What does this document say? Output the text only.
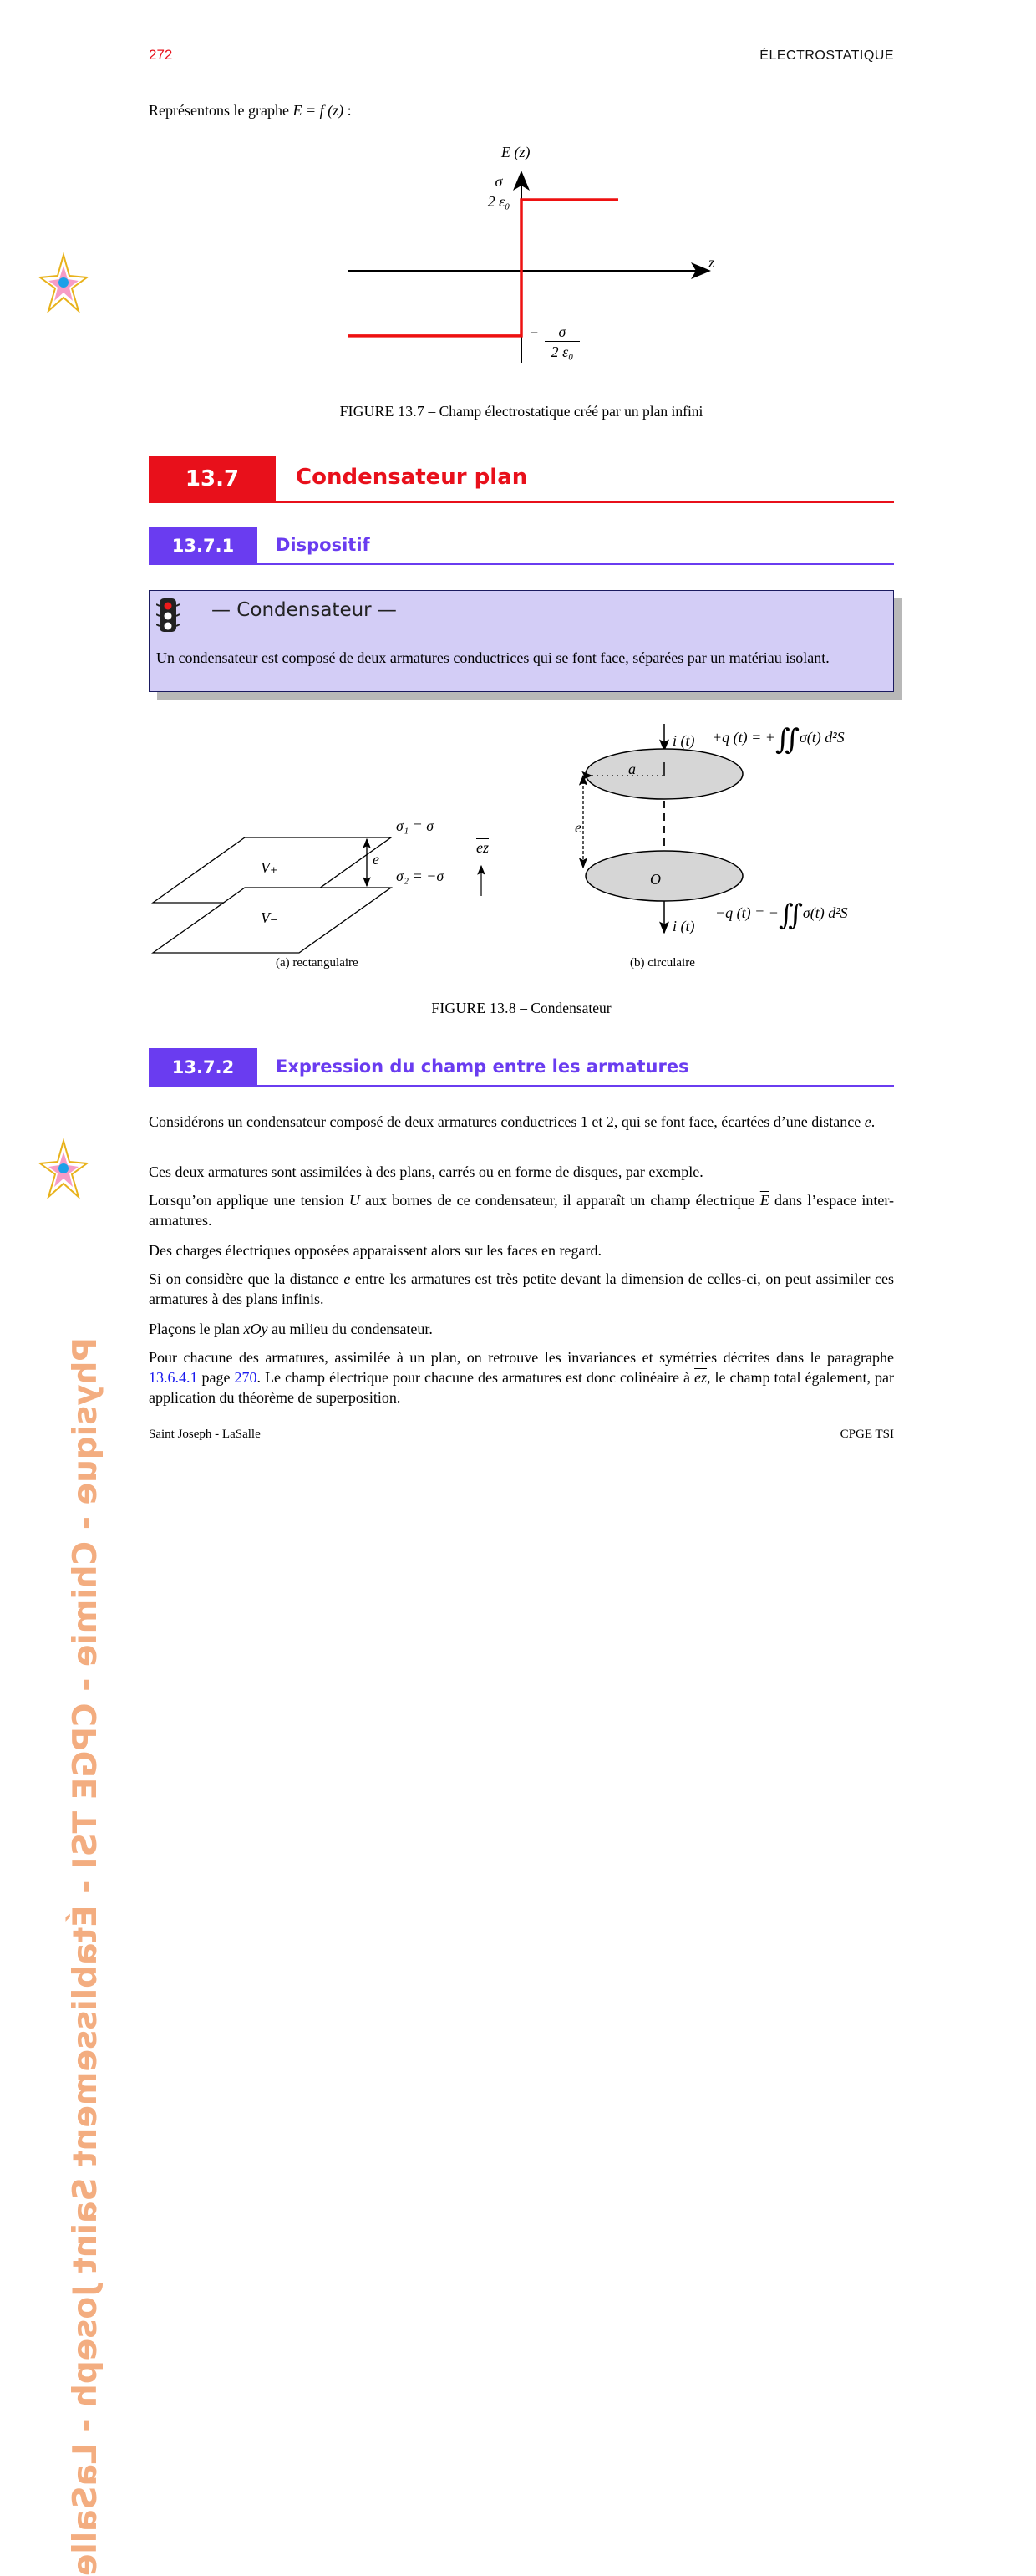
Physique - Chimie - CPGE TSI - Établissement Saint Joseph - LaSalle
272	ÉLECTROSTATIQUE
Représentons le graphe E = f (z) :
E (z)
z
$\frac{\sigma}{\text{2 ε₀}}$
− $\frac{\sigma}{\text{2 ε₀}}$
FIGURE 13.7 – Champ électrostatique créé par un plan infini
13.7	Condensateur plan
13.7.1	Dispositif
— Condensateur —
Un condensateur est composé de deux armatures conductrices qui se font face, séparées par un matériau isolant.
σ₁ = σ
σ₂ = −σ
e
V₊
V₋
$\overline{ez}$
(a) rectangulaire
i (t) +q (t) = +∬σ(t) d²S
a
e
O
i (t)
−q (t) = −∬σ(t) d²S
(b) circulaire
FIGURE 13.8 – Condensateur
13.7.2	Expression du champ entre les armatures
Considérons un condensateur composé de deux armatures conductrices 1 et 2, qui se font face, écartées d’une distance e.
Ces deux armatures sont assimilées à des plans, carrés ou en forme de disques, par exemple.
Lorsqu’on applique une tension U aux bornes de ce condensateur, il apparaît un champ électrique $\overline{E}$ dans l’espace inter-armatures.
Des charges électriques opposées apparaissent alors sur les faces en regard.
Si on considère que la distance e entre les armatures est très petite devant la dimension de celles-ci, on peut assimiler ces armatures à des plans infinis.
Plaçons le plan xOy au milieu du condensateur.
Pour chacune des armatures, assimilée à un plan, on retrouve les invariances et symétries décrites dans le paragraphe 13.6.4.1 page 270. Le champ électrique pour chacune des armatures est donc colinéaire à $\overline{ez}$, le champ total également, par application du théorème de superposition.
Saint Joseph - LaSalle	CPGE TSI
